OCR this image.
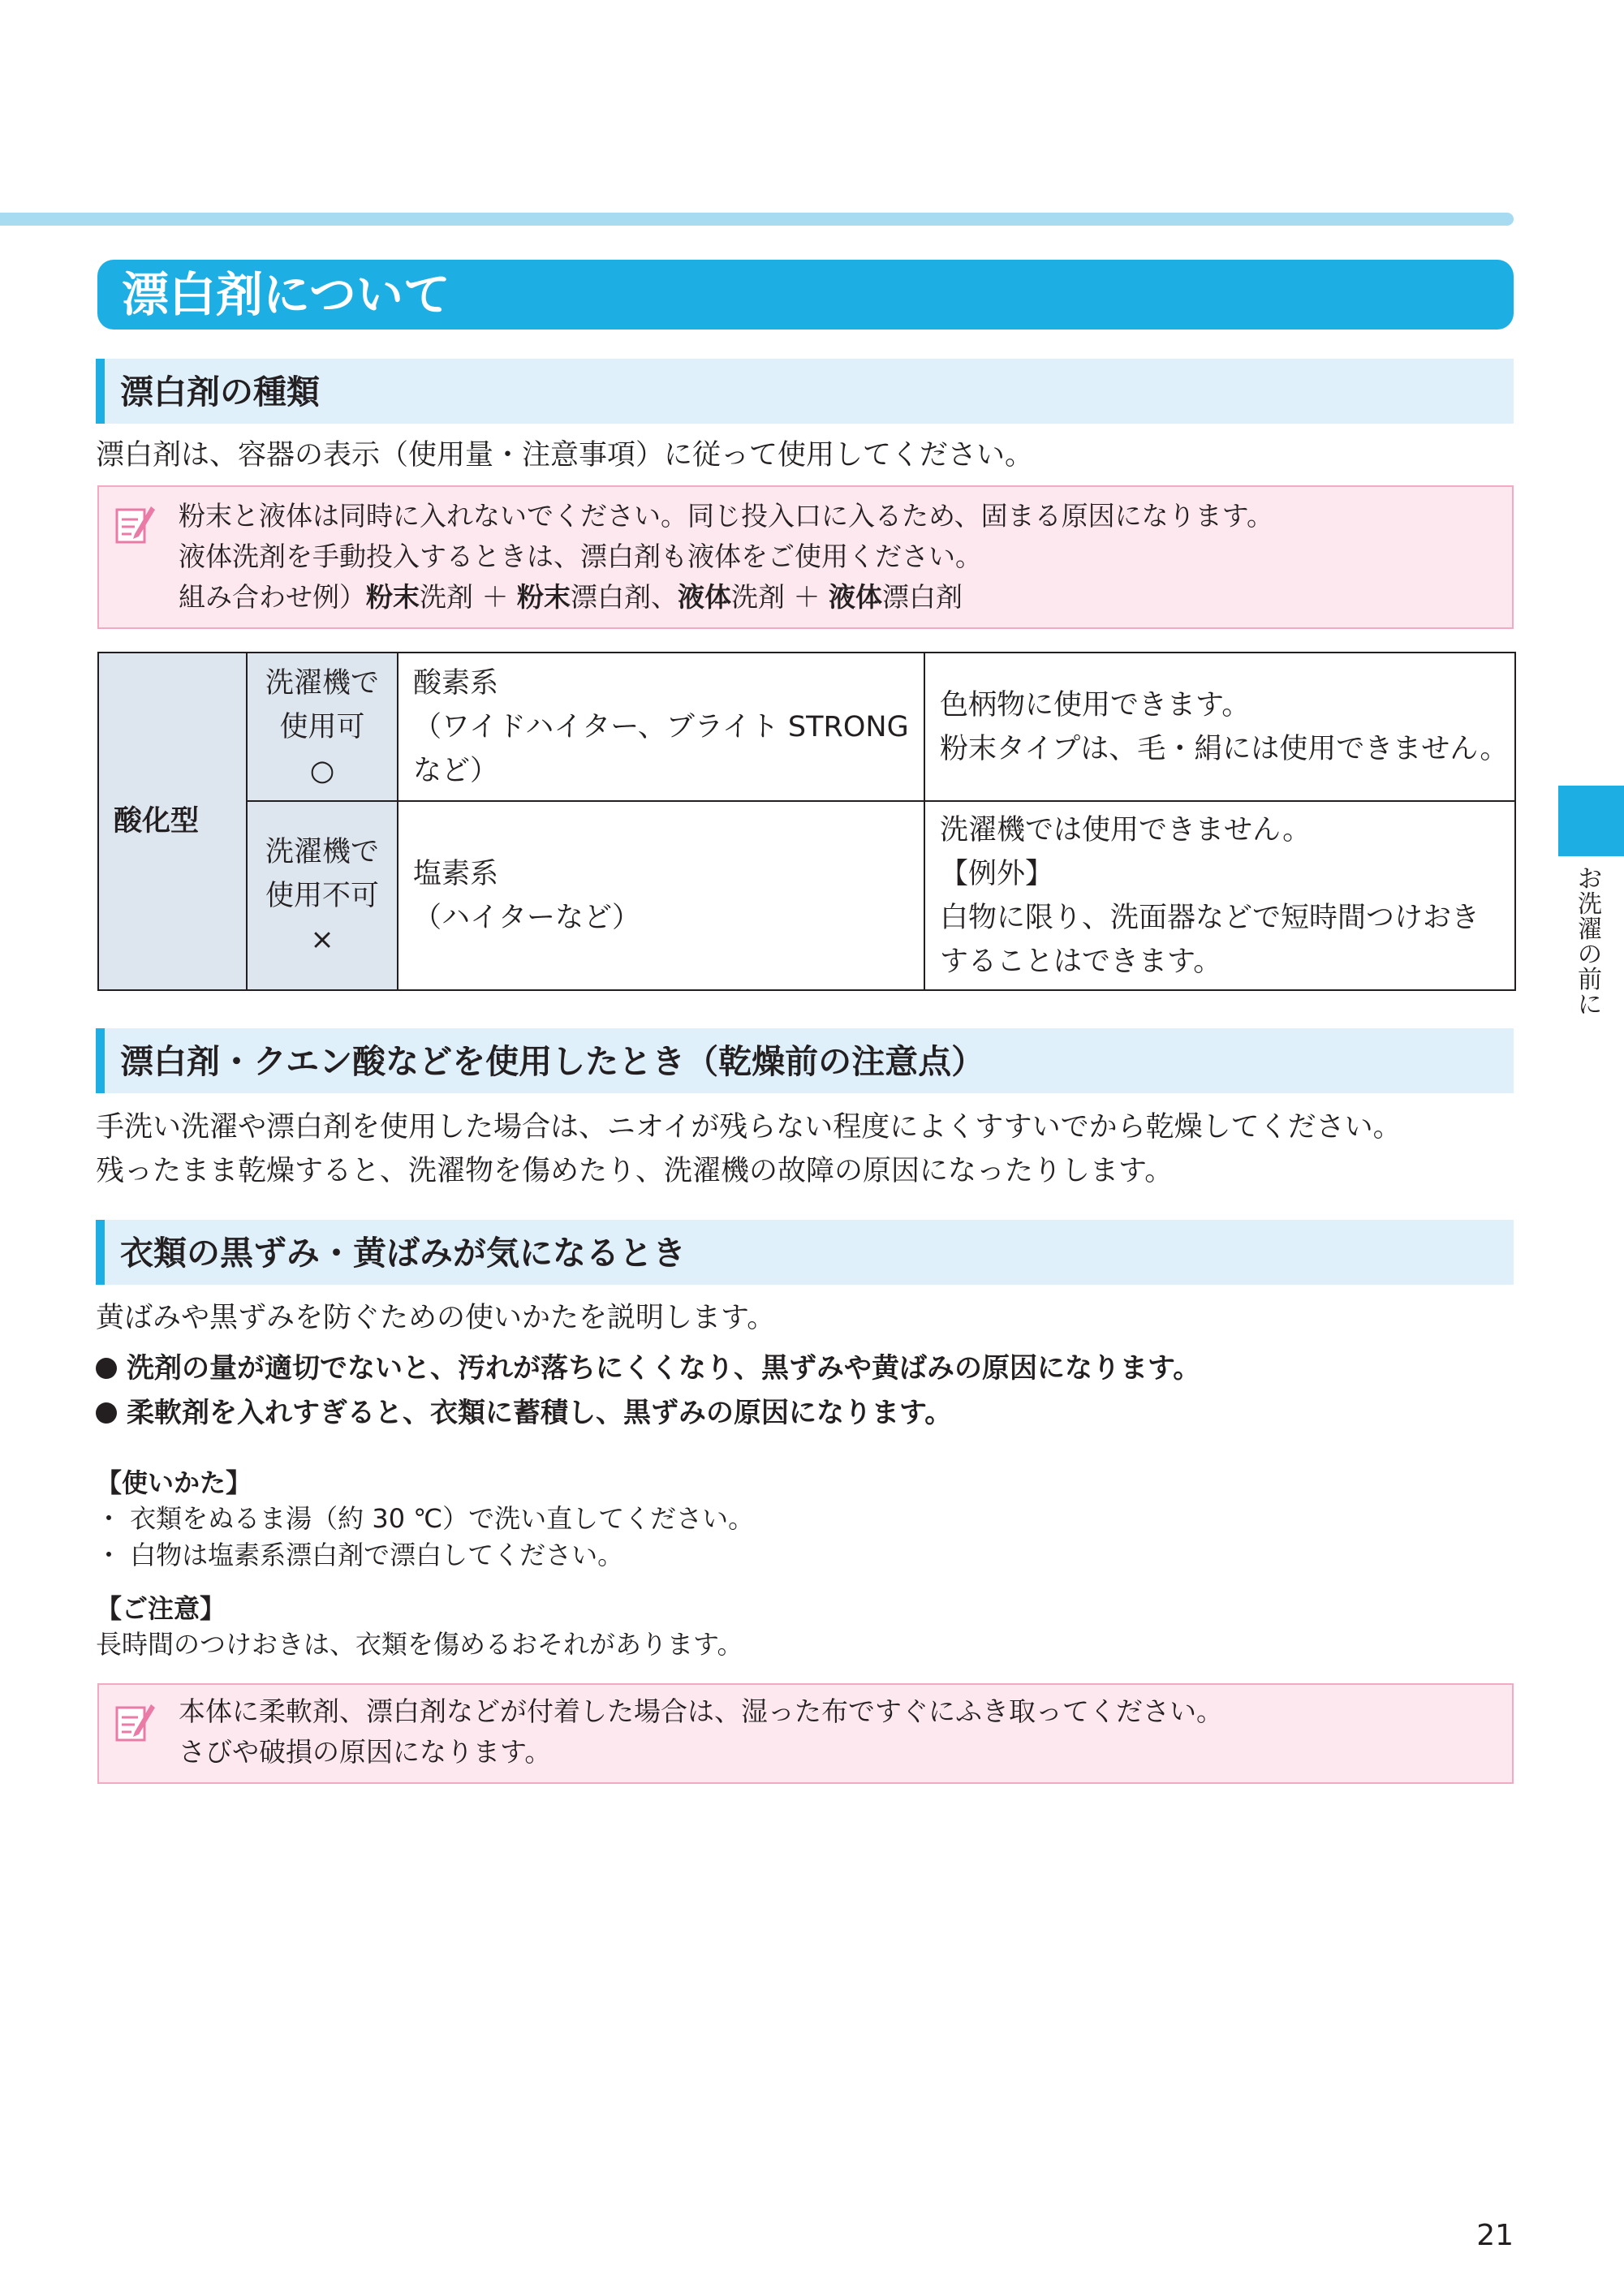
漂白剤について
漂白剤の種類
漂白剤は、容器の表示（使用量・注意事項）に従って使用してください。
粉末と液体は同時に入れないでください。同じ投入口に入るため、固まる原因になります。
液体洗剤を手動投入するときは、漂白剤も液体をご使用ください。
組み合わせ例）粉末洗剤 ＋ 粉末漂白剤、液体洗剤 ＋ 液体漂白剤
酸化型	洗濯機で
使用可
○	酸素系
（ワイドハイター、ブライト STRONG
など）	色柄物に使用できます。
粉末タイプは、毛・絹には使用できません。

	洗濯機で
使用不可
×	塩素系
（ハイターなど）	洗濯機では使用できません。
【例外】
白物に限り、洗面器などで短時間つけおき
することはできます。
漂白剤・クエン酸などを使用したとき（乾燥前の注意点）
手洗い洗濯や漂白剤を使用した場合は、ニオイが残らない程度によくすすいでから乾燥してください。
残ったまま乾燥すると、洗濯物を傷めたり、洗濯機の故障の原因になったりします。
衣類の黒ずみ・黄ばみが気になるとき
黄ばみや黒ずみを防ぐための使いかたを説明します。
洗剤の量が適切でないと、汚れが落ちにくくなり、黒ずみや黄ばみの原因になります。
柔軟剤を入れすぎると、衣類に蓄積し、黒ずみの原因になります。
【使いかた】
・ 衣類をぬるま湯（約 30 ℃）で洗い直してください。
・ 白物は塩素系漂白剤で漂白してください。
【ご注意】
長時間のつけおきは、衣類を傷めるおそれがあります。
本体に柔軟剤、漂白剤などが付着した場合は、湿った布ですぐにふき取ってください。
さびや破損の原因になります。
お
洗
濯
の
前
に
21
